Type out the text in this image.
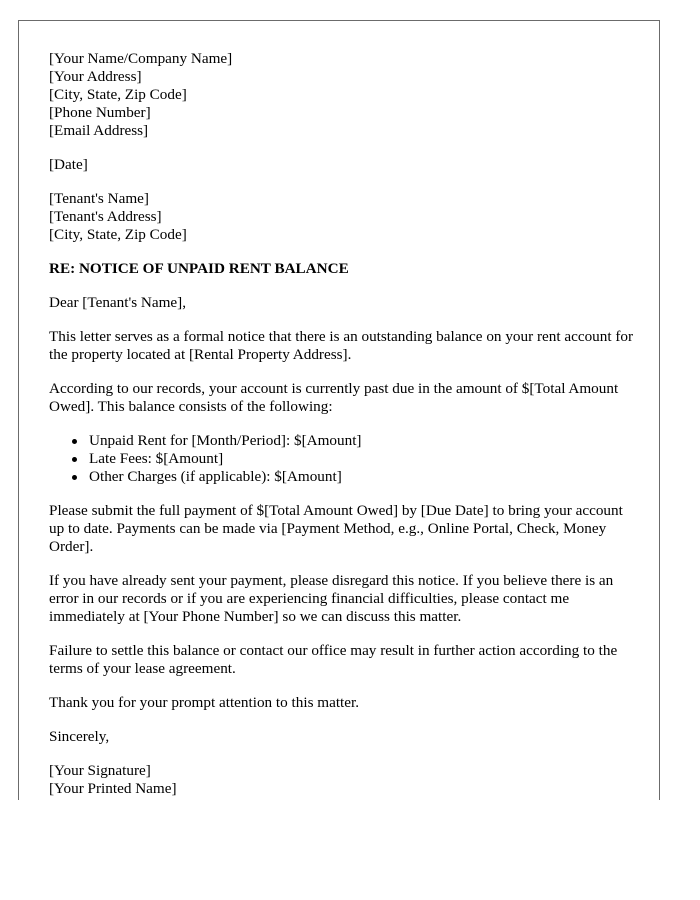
[Your Name/Company Name]
[Your Address]
[City, State, Zip Code]
[Phone Number]
[Email Address]
[Date]
[Tenant's Name]
[Tenant's Address]
[City, State, Zip Code]
RE: NOTICE OF UNPAID RENT BALANCE

Dear [Tenant's Name],

This letter serves as a formal notice that there is an outstanding balance on your rent account for the property located at [Rental Property Address].

According to our records, your account is currently past due in the amount of $[Total Amount Owed]. This balance consists of the following:

Unpaid Rent for [Month/Period]: $[Amount]
Late Fees: $[Amount]
Other Charges (if applicable): $[Amount]

Please submit the full payment of $[Total Amount Owed] by [Due Date] to bring your account up to date. Payments can be made via [Payment Method, e.g., Online Portal, Check, Money Order].

If you have already sent your payment, please disregard this notice. If you believe there is an error in our records or if you are experiencing financial difficulties, please contact me immediately at [Your Phone Number] so we can discuss this matter.

Failure to settle this balance or contact our office may result in further action according to the terms of your lease agreement.

Thank you for your prompt attention to this matter.

Sincerely,

[Your Signature]
[Your Printed Name]
